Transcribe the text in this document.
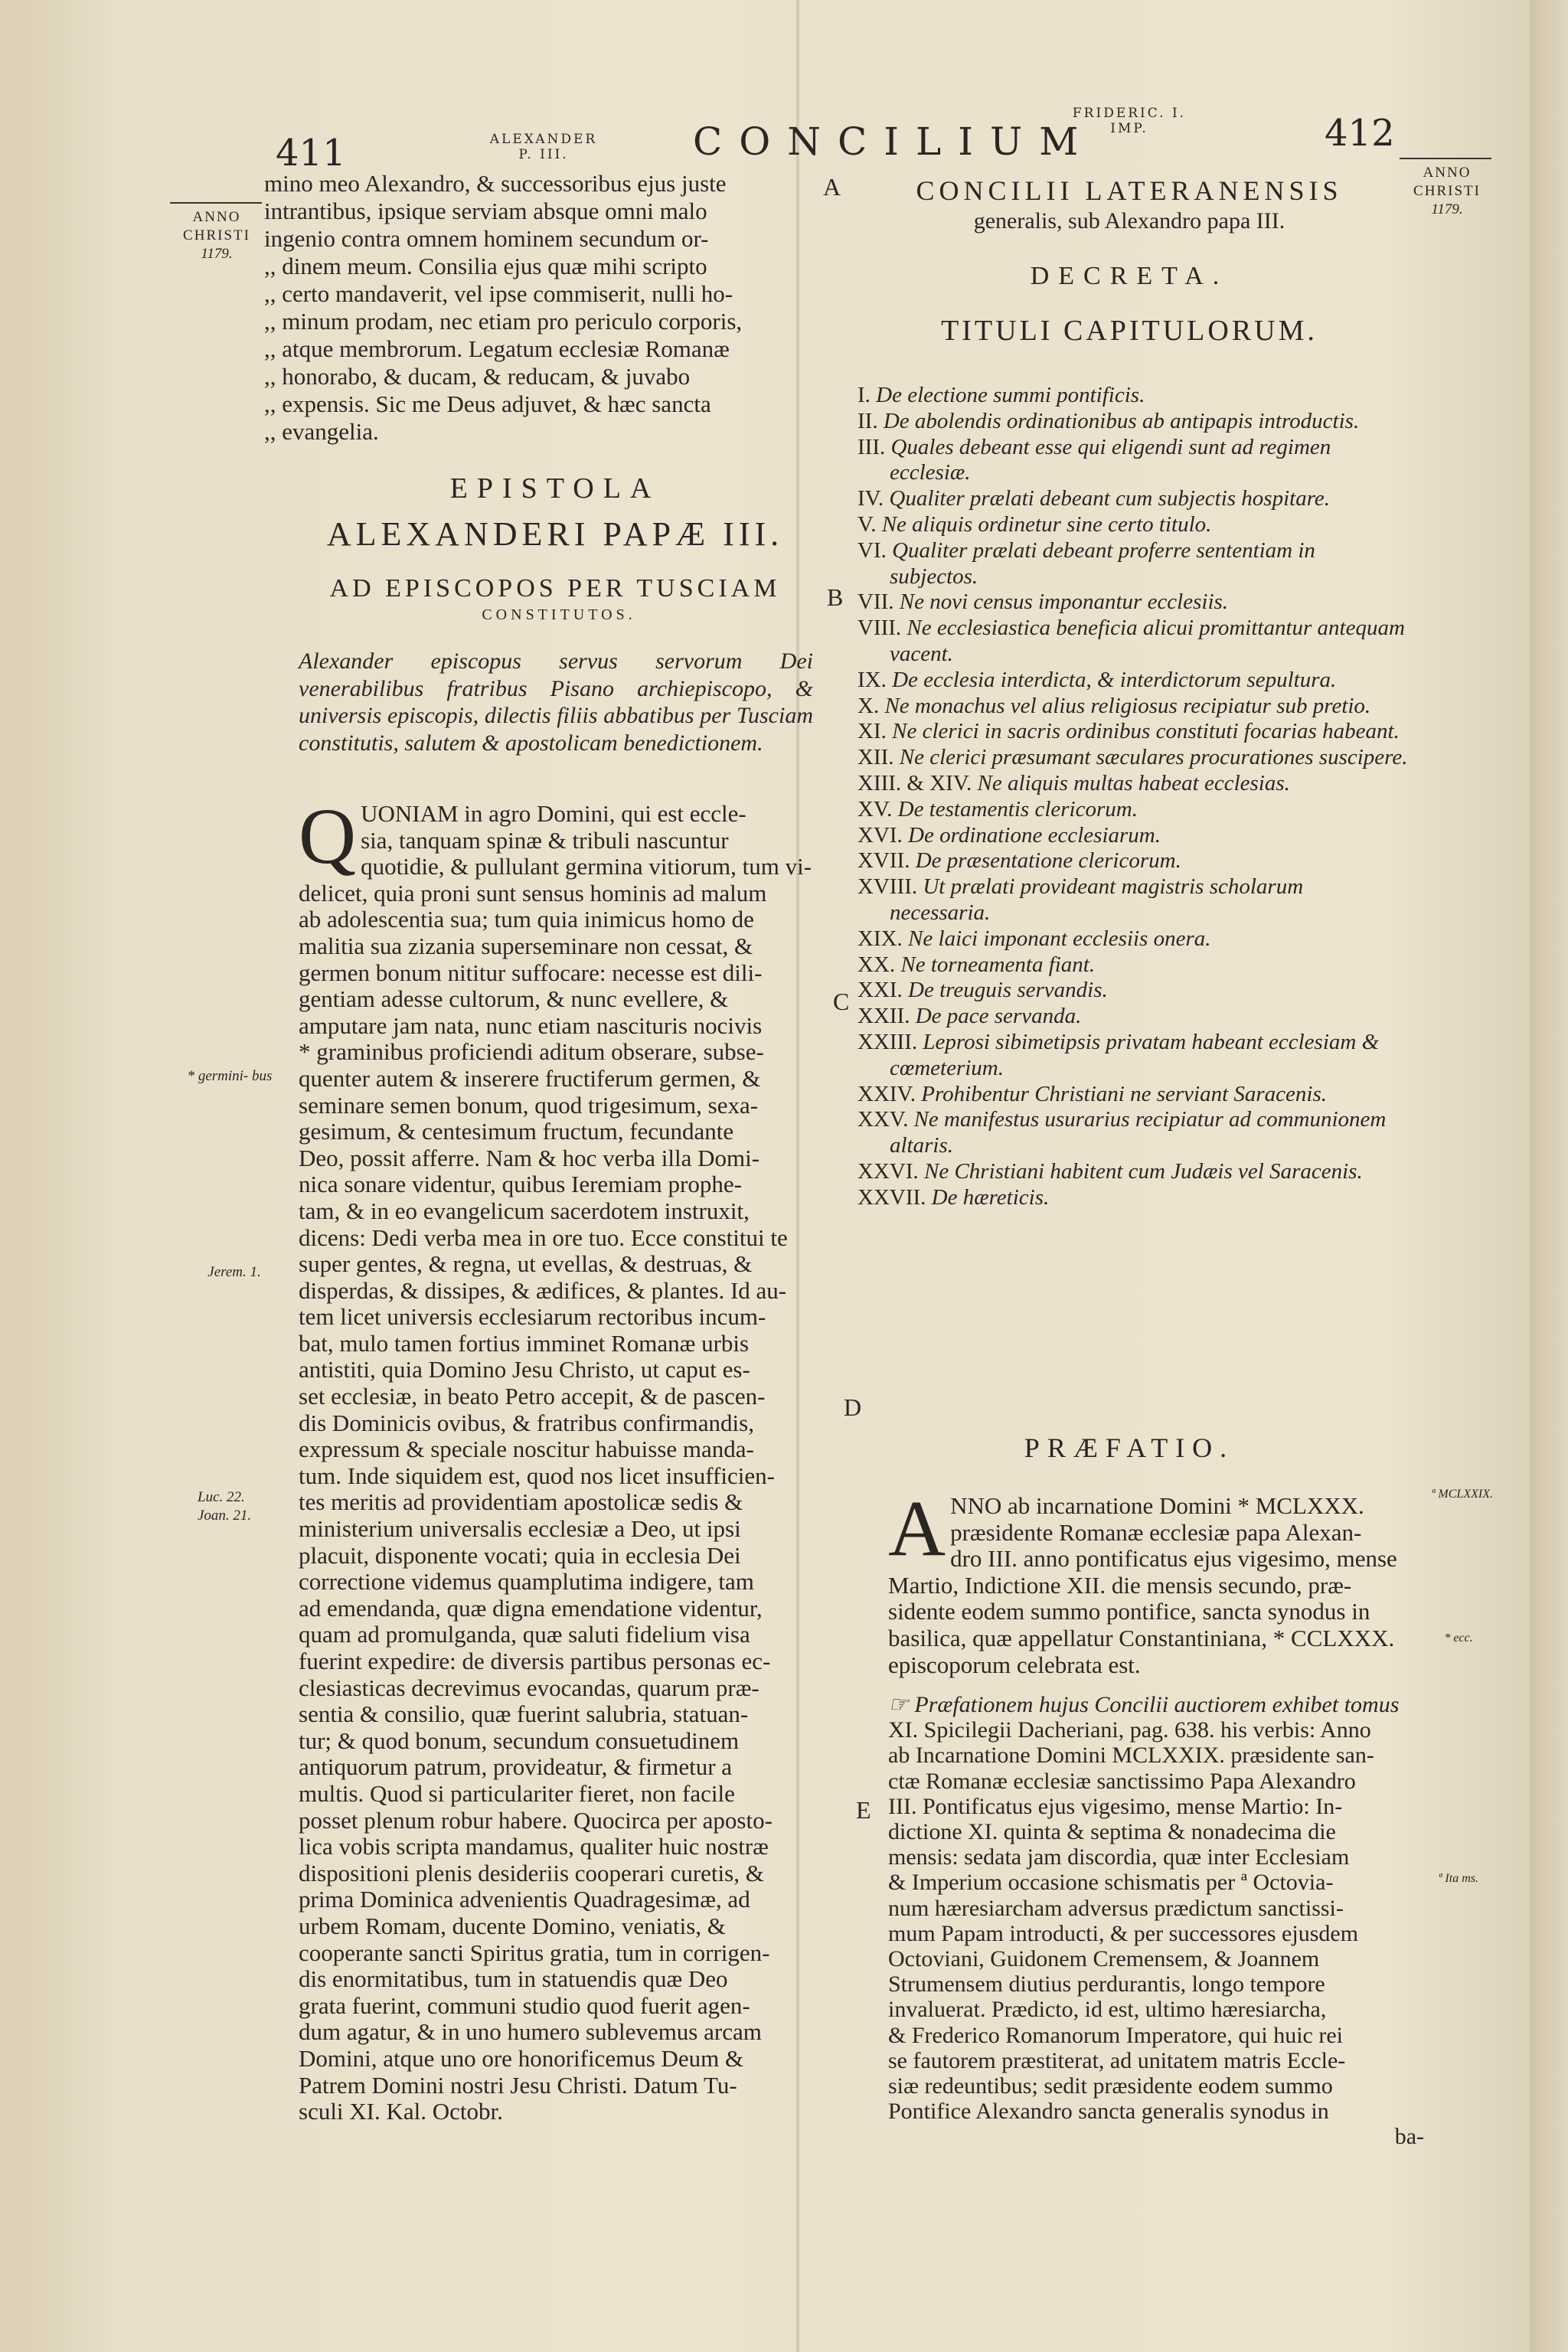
411	ALEXANDER
P. III.	CONCILIUM
FRIDERIC. I.
IMP.	412
ANNO
CHRISTI
1179.
* germini- bus
Jerem. 1.
Luc. 22.
Joan. 21.
ANNO
CHRISTI
1179.
ª MCLXXIX.
* ecc.
ª Ita ms.
A
B
C
D
E

mino meo Alexandro, & successoribus ejus juste

intrantibus, ipsique serviam absque omni malo

ingenio contra omnem hominem secundum or-

,, dinem meum. Consilia ejus quæ mihi scripto

,, certo mandaverit, vel ipse commiserit, nulli ho-

,, minum prodam, nec etiam pro periculo corporis,

,, atque membrorum. Legatum ecclesiæ Romanæ

,, honorabo, & ducam, & reducam, & juvabo

,, expensis. Sic me Deus adjuvet, & hæc sancta

,, evangelia.

EPISTOLA
ALEXANDERI PAPÆ III.
AD EPISCOPOS PER TUSCIAM
CONSTITUTOS.
Alexander episcopus servus servorum Dei venerabilibus fratribus Pisano archiepiscopo, & universis episcopis, dilectis filiis abbatibus per Tusciam constitutis, salutem & apostolicam benedictionem.
Q UONIAM in agro Domini, qui est eccle-

sia, tanquam spinæ & tribuli nascuntur

quotidie, & pullulant germina vitiorum, tum vi-

delicet, quia proni sunt sensus hominis ad malum

ab adolescentia sua; tum quia inimicus homo de

malitia sua zizania superseminare non cessat, &

germen bonum nititur suffocare: necesse est dili-

gentiam adesse cultorum, & nunc evellere, &

amputare jam nata, nunc etiam nascituris nocivis

* graminibus proficiendi aditum obserare, subse-

quenter autem & inserere fructiferum germen, &

seminare semen bonum, quod trigesimum, sexa-

gesimum, & centesimum fructum, fecundante

Deo, possit afferre. Nam & hoc verba illa Domi-

nica sonare videntur, quibus Ieremiam prophe-

tam, & in eo evangelicum sacerdotem instruxit,

dicens: Dedi verba mea in ore tuo. Ecce constitui te

super gentes, & regna, ut evellas, & destruas, &

disperdas, & dissipes, & ædifices, & plantes. Id au-

tem licet universis ecclesiarum rectoribus incum-

bat, mulo tamen fortius imminet Romanæ urbis

antistiti, quia Domino Jesu Christo, ut caput es-

set ecclesiæ, in beato Petro accepit, & de pascen-

dis Dominicis ovibus, & fratribus confirmandis,

expressum & speciale noscitur habuisse manda-

tum. Inde siquidem est, quod nos licet insufficien-

tes meritis ad providentiam apostolicæ sedis &

ministerium universalis ecclesiæ a Deo, ut ipsi

placuit, disponente vocati; quia in ecclesia Dei

correctione videmus quamplutima indigere, tam

ad emendanda, quæ digna emendatione videntur,

quam ad promulganda, quæ saluti fidelium visa

fuerint expedire: de diversis partibus personas ec-

clesiasticas decrevimus evocandas, quarum præ-

sentia & consilio, quæ fuerint salubria, statuan-

tur; & quod bonum, secundum consuetudinem

antiquorum patrum, provideatur, & firmetur a

multis. Quod si particulariter fieret, non facile

posset plenum robur habere. Quocirca per aposto-

lica vobis scripta mandamus, qualiter huic nostræ

dispositioni plenis desideriis cooperari curetis, &

prima Dominica advenientis Quadragesimæ, ad

urbem Romam, ducente Domino, veniatis, &

cooperante sancti Spiritus gratia, tum in corrigen-

dis enormitatibus, tum in statuendis quæ Deo

grata fuerint, communi studio quod fuerit agen-

dum agatur, & in uno humero sublevemus arcam

Domini, atque uno ore honorificemus Deum &

Patrem Domini nostri Jesu Christi. Datum Tu-

sculi XI. Kal. Octobr.

CONCILII LATERANENSIS
generalis, sub Alexandro papa III.
DECRETA.
TITULI CAPITULORUM.
I. De electione summi pontificis.
II. De abolendis ordinationibus ab antipapis introductis.
III. Quales debeant esse qui eligendi sunt ad regimen ecclesiæ.
IV. Qualiter prælati debeant cum subjectis hospitare.
V. Ne aliquis ordinetur sine certo titulo.
VI. Qualiter prælati debeant proferre sententiam in subjectos.
VII. Ne novi census imponantur ecclesiis.
VIII. Ne ecclesiastica beneficia alicui promittantur antequam vacent.
IX. De ecclesia interdicta, & interdictorum sepultura.
X. Ne monachus vel alius religiosus recipiatur sub pretio.
XI. Ne clerici in sacris ordinibus constituti focarias habeant.
XII. Ne clerici præsumant sæculares procurationes suscipere.
XIII. & XIV. Ne aliquis multas habeat ecclesias.
XV. De testamentis clericorum.
XVI. De ordinatione ecclesiarum.
XVII. De præsentatione clericorum.
XVIII. Ut prælati provideant magistris scholarum necessaria.
XIX. Ne laici imponant ecclesiis onera.
XX. Ne torneamenta fiant.
XXI. De treuguis servandis.
XXII. De pace servanda.
XXIII. Leprosi sibimetipsis privatam habeant ecclesiam & cœmeterium.
XXIV. Prohibentur Christiani ne serviant Saracenis.
XXV. Ne manifestus usurarius recipiatur ad communionem altaris.
XXVI. Ne Christiani habitent cum Judæis vel Saracenis.
XXVII. De hæreticis.
PRÆFATIO.
A NNO ab incarnatione Domini * MCLXXX.

præsidente Romanæ ecclesiæ papa Alexan-

dro III. anno pontificatus ejus vigesimo, mense

Martio, Indictione XII. die mensis secundo, præ-

sidente eodem summo pontifice, sancta synodus in

basilica, quæ appellatur Constantiniana, * CCLXXX.

episcoporum celebrata est.

☞ Præfationem hujus Concilii auctiorem exhibet tomus

XI. Spicilegii Dacheriani, pag. 638. his verbis: Anno

ab Incarnatione Domini MCLXXIX. præsidente san-

ctæ Romanæ ecclesiæ sanctissimo Papa Alexandro

III. Pontificatus ejus vigesimo, mense Martio: In-

dictione XI. quinta & septima & nonadecima die

mensis: sedata jam discordia, quæ inter Ecclesiam

& Imperium occasione schismatis per ª Octovia-

num hæresiarcham adversus prædictum sanctissi-

mum Papam introducti, & per successores ejusdem

Octoviani, Guidonem Cremensem, & Joannem

Strumensem diutius perdurantis, longo tempore

invaluerat. Prædicto, id est, ultimo hæresiarcha,

& Frederico Romanorum Imperatore, qui huic rei

se fautorem præstiterat, ad unitatem matris Eccle-

siæ redeuntibus; sedit præsidente eodem summo

Pontifice Alexandro sancta generalis synodus in

ba-
